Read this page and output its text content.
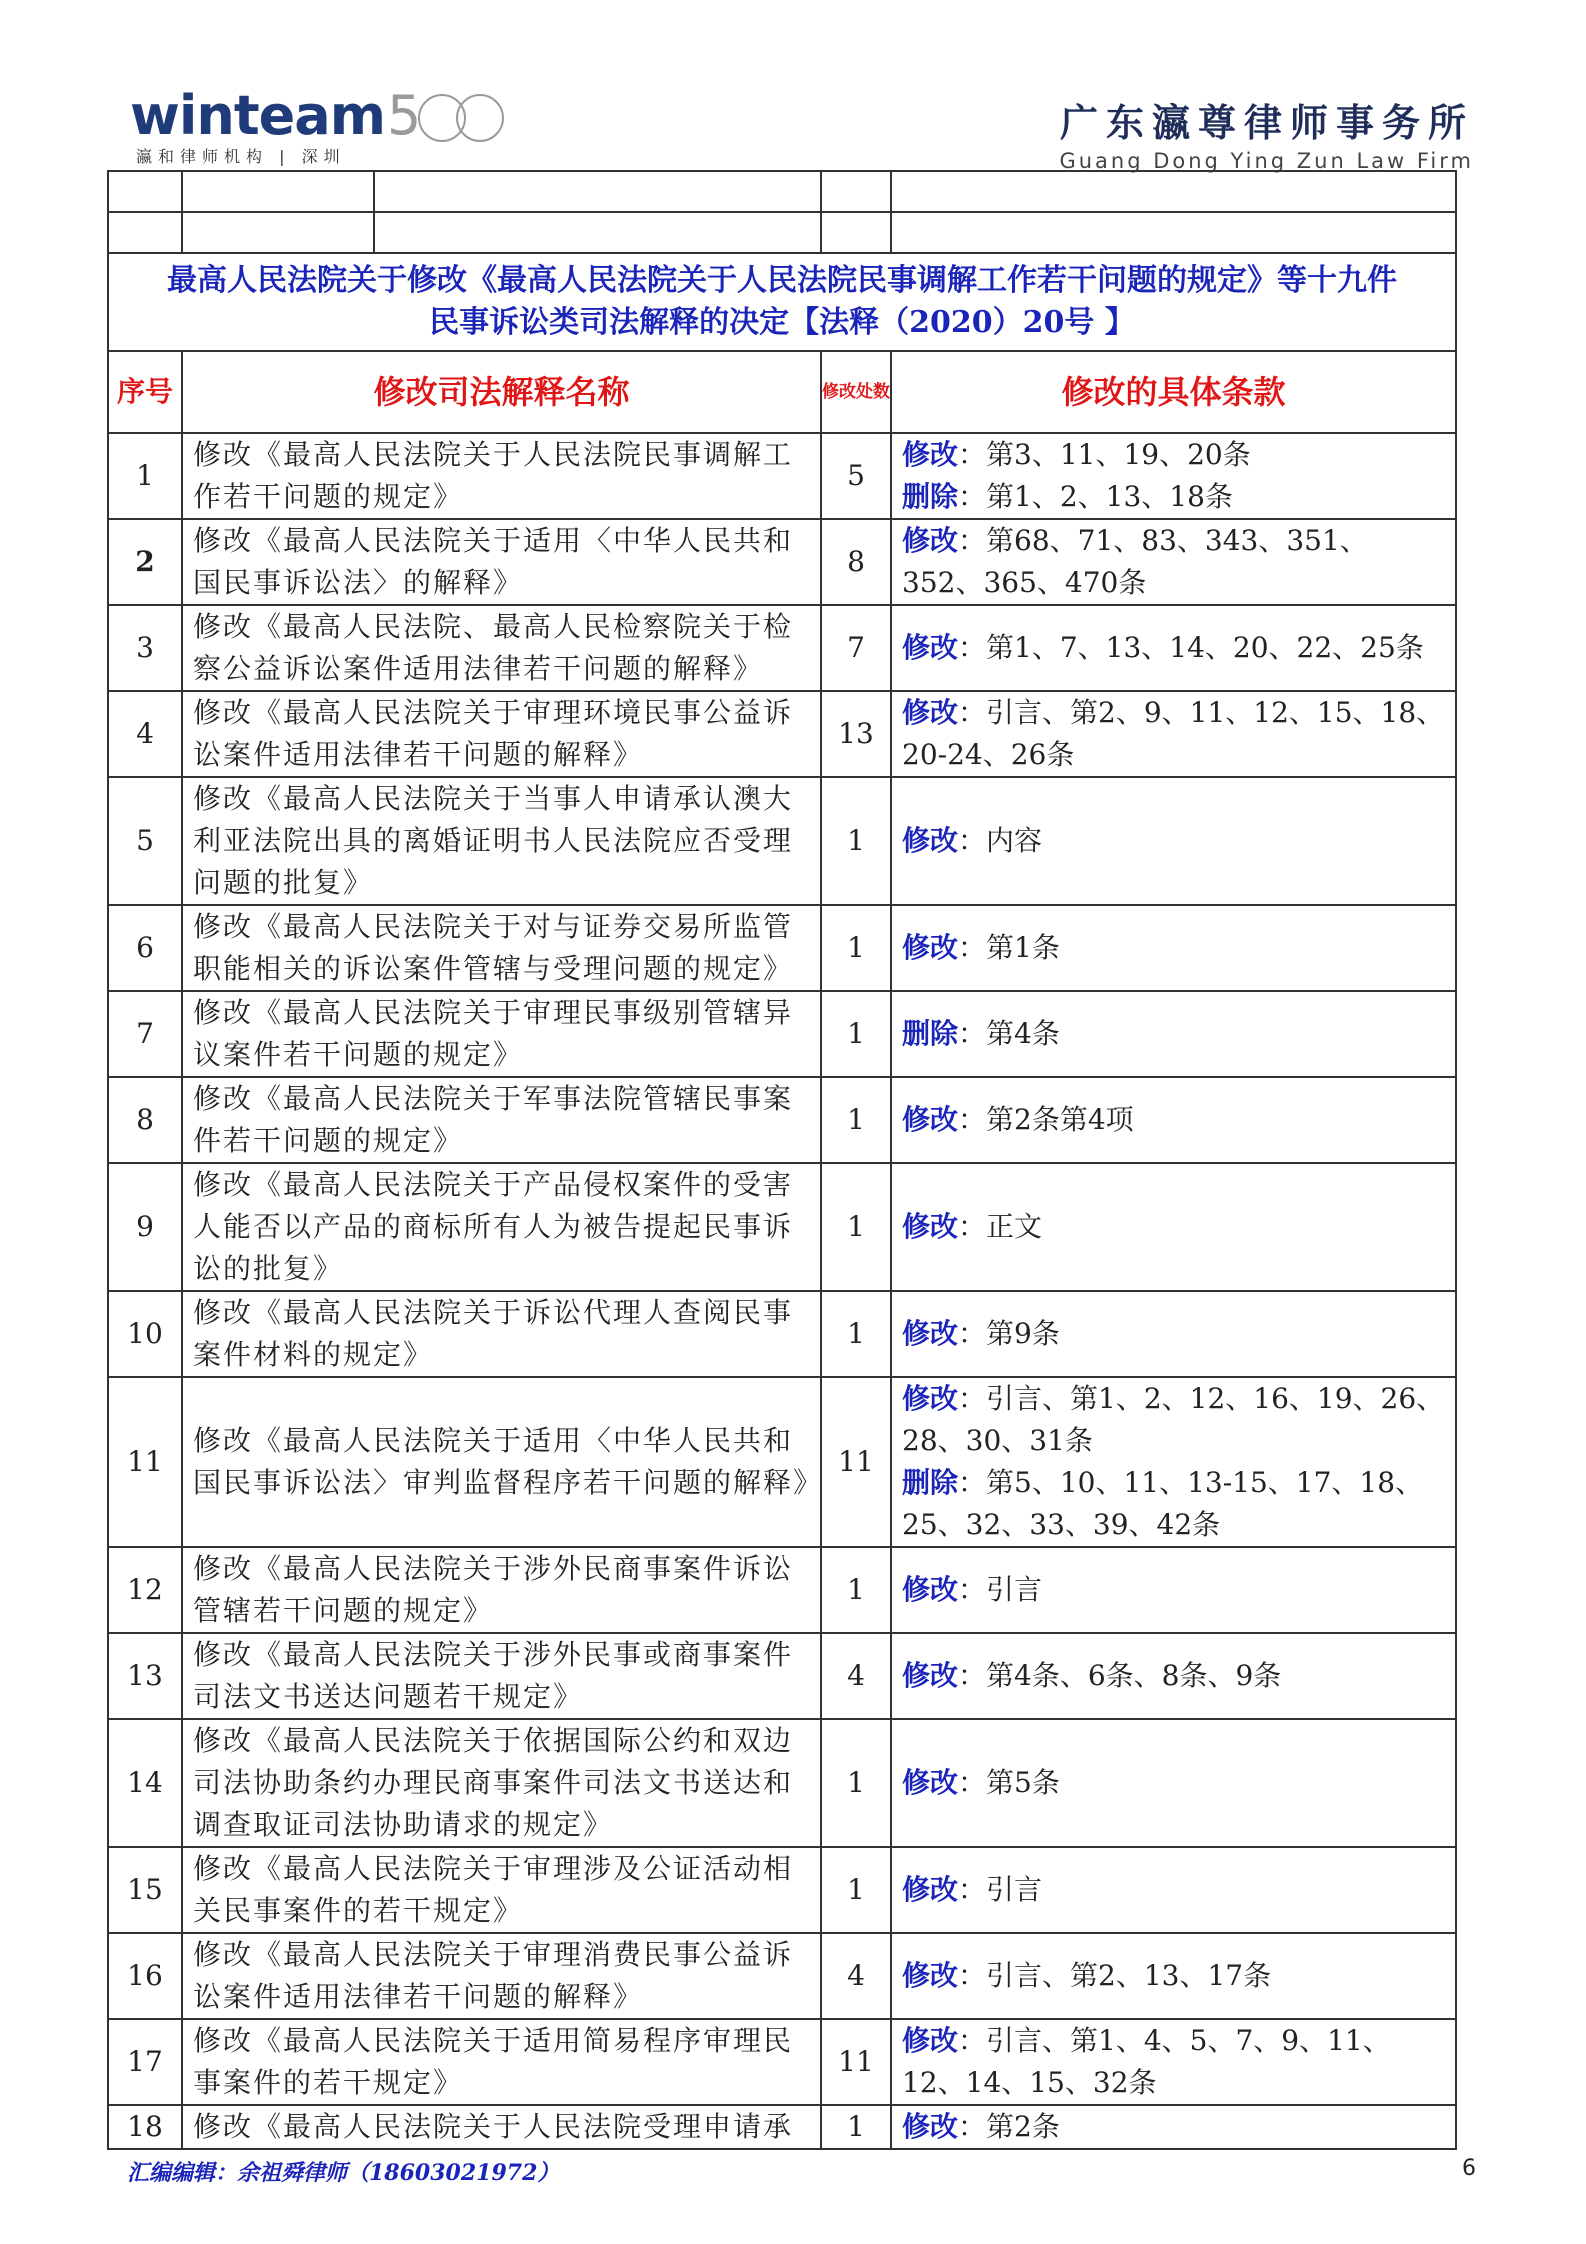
winteam5
瀛和律师机构 | 深圳
广东瀛尊律师事务所
Guang Dong Ying Zun Law Firm

最高人民法院关于修改《最高人民法院关于人民法院民事调解工作若干问题的规定》等十九件
民事诉讼类司法解释的决定【法释（2020）20号 】				

序号	修改司法解释名称		修改处数	修改的具体条款
1	修改《最高人民法院关于人民法院民事调解工作若干问题的规定》		5	修改：第3、11、19、20条
删除：第1、2、13、18条

2	修改《最高人民法院关于适用〈中华人民共和国民事诉讼法〉的解释》		8	修改：第68、71、83、343、351、352、365、470条

3	修改《最高人民法院、最高人民检察院关于检察公益诉讼案件适用法律若干问题的解释》		7	修改：第1、7、13、14、20、22、25条

4	修改《最高人民法院关于审理环境民事公益诉讼案件适用法律若干问题的解释》		13	修改：引言、第2、9、11、12、15、18、20-24、26条

5	修改《最高人民法院关于当事人申请承认澳大利亚法院出具的离婚证明书人民法院应否受理问题的批复》		1	修改：内容

6	修改《最高人民法院关于对与证券交易所监管职能相关的诉讼案件管辖与受理问题的规定》		1	修改：第1条

7	修改《最高人民法院关于审理民事级别管辖异议案件若干问题的规定》		1	删除：第4条

8	修改《最高人民法院关于军事法院管辖民事案件若干问题的规定》		1	修改：第2条第4项

9	修改《最高人民法院关于产品侵权案件的受害人能否以产品的商标所有人为被告提起民事诉讼的批复》		1	修改：正文

10	修改《最高人民法院关于诉讼代理人查阅民事案件材料的规定》		1	修改：第9条

11	修改《最高人民法院关于适用〈中华人民共和国民事诉讼法〉审判监督程序若干问题的解释》		11	修改：引言、第1、2、12、16、19、26、28、30、31条
删除：第5、10、11、13-15、17、18、25、32、33、39、42条

12	修改《最高人民法院关于涉外民商事案件诉讼管辖若干问题的规定》		1	修改：引言

13	修改《最高人民法院关于涉外民事或商事案件司法文书送达问题若干规定》		4	修改：第4条、6条、8条、9条

14	修改《最高人民法院关于依据国际公约和双边司法协助条约办理民商事案件司法文书送达和调查取证司法协助请求的规定》		1	修改：第5条

15	修改《最高人民法院关于审理涉及公证活动相关民事案件的若干规定》		1	修改：引言

16	修改《最高人民法院关于审理消费民事公益诉讼案件适用法律若干问题的解释》		4	修改：引言、第2、13、17条

17	修改《最高人民法院关于适用简易程序审理民事案件的若干规定》		11	修改：引言、第1、4、5、7、9、11、12、14、15、32条

18	修改《最高人民法院关于人民法院受理申请承		1	修改：第2条
汇编编辑：余祖舜律师（18603021972）	6
